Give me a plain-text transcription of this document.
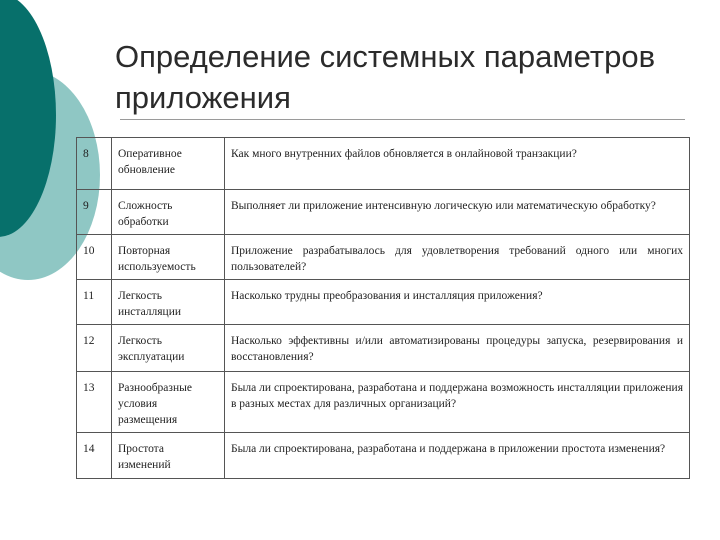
Определение системных параметров приложения
8	Оперативное обновление	Как много внутренних файлов обновляется в онлайновой транзакции?
9	Сложность обработки	Выполняет ли приложение интенсивную логическую или математическую обработку?
10	Повторная используемость	Приложение разрабатывалось для удовлетворения требований одного или многих пользователей?
11	Легкость инсталляции	Насколько трудны преобразования и инсталляция приложения?
12	Легкость эксплуатации	Насколько эффективны и/или автоматизированы процедуры запуска, резервирования и восстановления?
13	Разнообразные условия размещения	Была ли спроектирована, разработана и поддержана возможность инсталляции приложения в разных местах для различных организаций?
14	Простота изменений	Была ли спроектирована, разработана и поддержана в приложении простота изменения?
